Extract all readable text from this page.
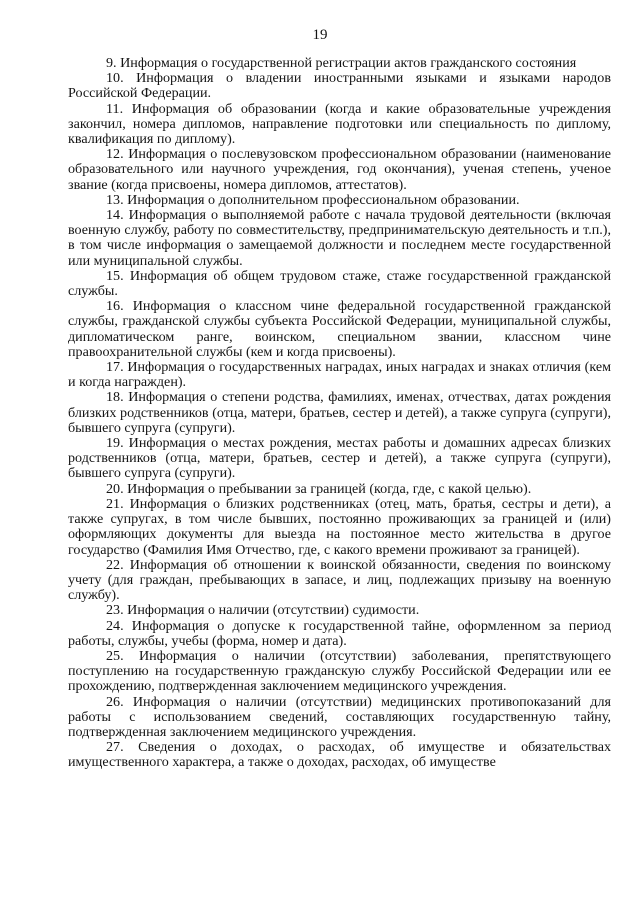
19

9. Информация о государственной регистрации актов гражданского состояния

10. Информация о владении иностранными языками и языками народов Российской Федерации.

11. Информация об образовании (когда и какие образовательные учреждения закончил, номера дипломов, направление подготовки или специальность по диплому, квалификация по диплому).

12. Информация о послевузовском профессиональном образовании (наименование образовательного или научного учреждения, год окончания), ученая степень, ученое звание (когда присвоены, номера дипломов, аттестатов).

13. Информация о дополнительном профессиональном образовании.

14. Информация о выполняемой работе с начала трудовой деятельности (включая военную службу, работу по совместительству, предпринимательскую деятельность и т.п.), в том числе информация о замещаемой должности и последнем месте государственной или муниципальной службы.

15. Информация об общем трудовом стаже, стаже государственной гражданской службы.

16. Информация о классном чине федеральной государственной гражданской службы, гражданской службы субъекта Российской Федерации, муниципальной службы, дипломатическом ранге, воинском, специальном звании, классном чине правоохранительной службы (кем и когда присвоены).

17. Информация о государственных наградах, иных наградах и знаках отличия (кем и когда награжден).

18. Информация о степени родства, фамилиях, именах, отчествах, датах рождения близких родственников (отца, матери, братьев, сестер и детей), а также супруга (супруги), бывшего супруга (супруги).

19. Информация о местах рождения, местах работы и домашних адресах близких родственников (отца, матери, братьев, сестер и детей), а также супруга (супруги), бывшего супруга (супруги).

20. Информация о пребывании за границей (когда, где, с какой целью).

21. Информация о близких родственниках (отец, мать, братья, сестры и дети), а также супругах, в том числе бывших, постоянно проживающих за границей и (или) оформляющих документы для выезда на постоянное место жительства в другое государство (Фамилия Имя Отчество, где, с какого времени проживают за границей).

22. Информация об отношении к воинской обязанности, сведения по воинскому учету (для граждан, пребывающих в запасе, и лиц, подлежащих призыву на военную службу).

23. Информация о наличии (отсутствии) судимости.

24. Информация о допуске к государственной тайне, оформленном за период работы, службы, учебы (форма, номер и дата).

25. Информация о наличии (отсутствии) заболевания, препятствующего поступлению на государственную гражданскую службу Российской Федерации или ее прохождению, подтвержденная заключением медицинского учреждения.

26. Информация о наличии (отсутствии) медицинских противопоказаний для работы с использованием сведений, составляющих государственную тайну, подтвержденная заключением медицинского учреждения.

27. Сведения о доходах, о расходах, об имуществе и обязательствах имущественного характера, а также о доходах, расходах, об имуществе
